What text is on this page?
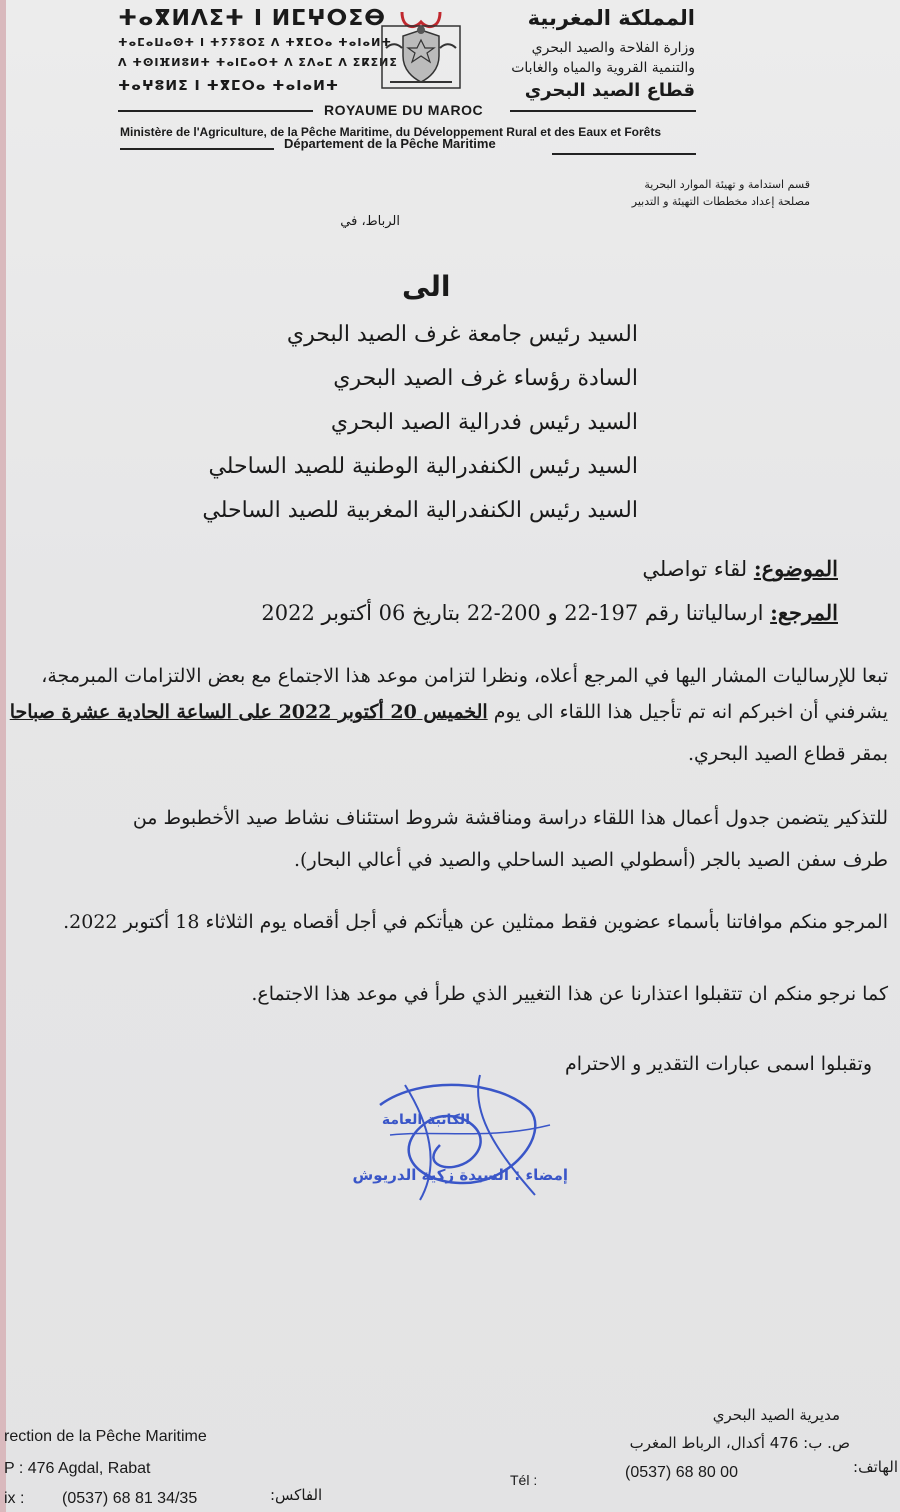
ⵜⴰⴳⵍⴷⵉⵜ ⵏ ⵍⵎⵖⵔⵉⴱ
ⵜⴰⵎⴰⵡⴰⵙⵜ ⵏ ⵜⵢⵢⵓⵔⵉ ⴷ ⵜⴳⵎⵔⴰ ⵜⴰⵏⴰⵍⵜ
ⴷ ⵜⵙⵏⴼⵍⵓⵍⵜ ⵜⴰⵏⵎⴰⵔⵜ ⴷ ⵉⴷⴰⵎ ⴷ ⵉⴽⵉⵍⵉ
ⵜⴰⵖⵓⵍⵉ ⵏ ⵜⴳⵎⵔⴰ ⵜⴰⵏⴰⵍⵜ
المملكة المغربية
وزارة الفلاحة والصيد البحري
والتنمية القروية والمياه والغابات
قطاع الصيد البحري
ROYAUME DU MAROC
Ministère de l'Agriculture, de la Pêche Maritime, du Développement Rural et des Eaux et Forêts
Département de la Pêche Maritime
قسم استدامة و تهيئة الموارد البحرية
مصلحة إعداد مخططات التهيئة و التدبير
الرباط، في
الى
السيد رئيس جامعة غرف الصيد البحري
السادة رؤساء غرف الصيد البحري
السيد رئيس فدرالية الصيد البحري
السيد رئيس الكنفدرالية الوطنية للصيد الساحلي
السيد رئيس الكنفدرالية المغربية للصيد الساحلي
الموضوع: لقاء تواصلي
المرجع: ارسالياتنا رقم 197-22 و 200-22 بتاريخ 06 أكتوبر 2022
تبعا للإرساليات المشار اليها في المرجع أعلاه، ونظرا لتزامن موعد هذا الاجتماع مع بعض الالتزامات المبرمجة،
يشرفني أن اخبركم انه تم تأجيل هذا اللقاء الى يوم الخميس 20 أكتوبر 2022 على الساعة الحادية عشرة صباحا
بمقر قطاع الصيد البحري.
للتذكير يتضمن جدول أعمال هذا اللقاء دراسة ومناقشة شروط استئناف نشاط صيد الأخطبوط من
طرف سفن الصيد بالجر (أسطولي الصيد الساحلي والصيد في أعالي البحار).
المرجو منكم موافاتنا بأسماء عضوين فقط ممثلين عن هيأتكم في أجل أقصاه يوم الثلاثاء 18 أكتوبر 2022.
كما نرجو منكم ان تتقبلوا اعتذارنا عن هذا التغيير الذي طرأ في موعد هذا الاجتماع.
وتقبلوا اسمى عبارات التقدير و الاحترام
الكاتبة العامة
إمضاء : السيدة زكية الدريوش
rection de la Pêche Maritime
P : 476 Agdal, Rabat
ix : (0537) 68 81 34/35	الفاكس:
Tél :	(0537) 68 80 00
مديرية الصيد البحري
ص. ب: 476 أكدال، الرباط المغرب
الهاتف:
